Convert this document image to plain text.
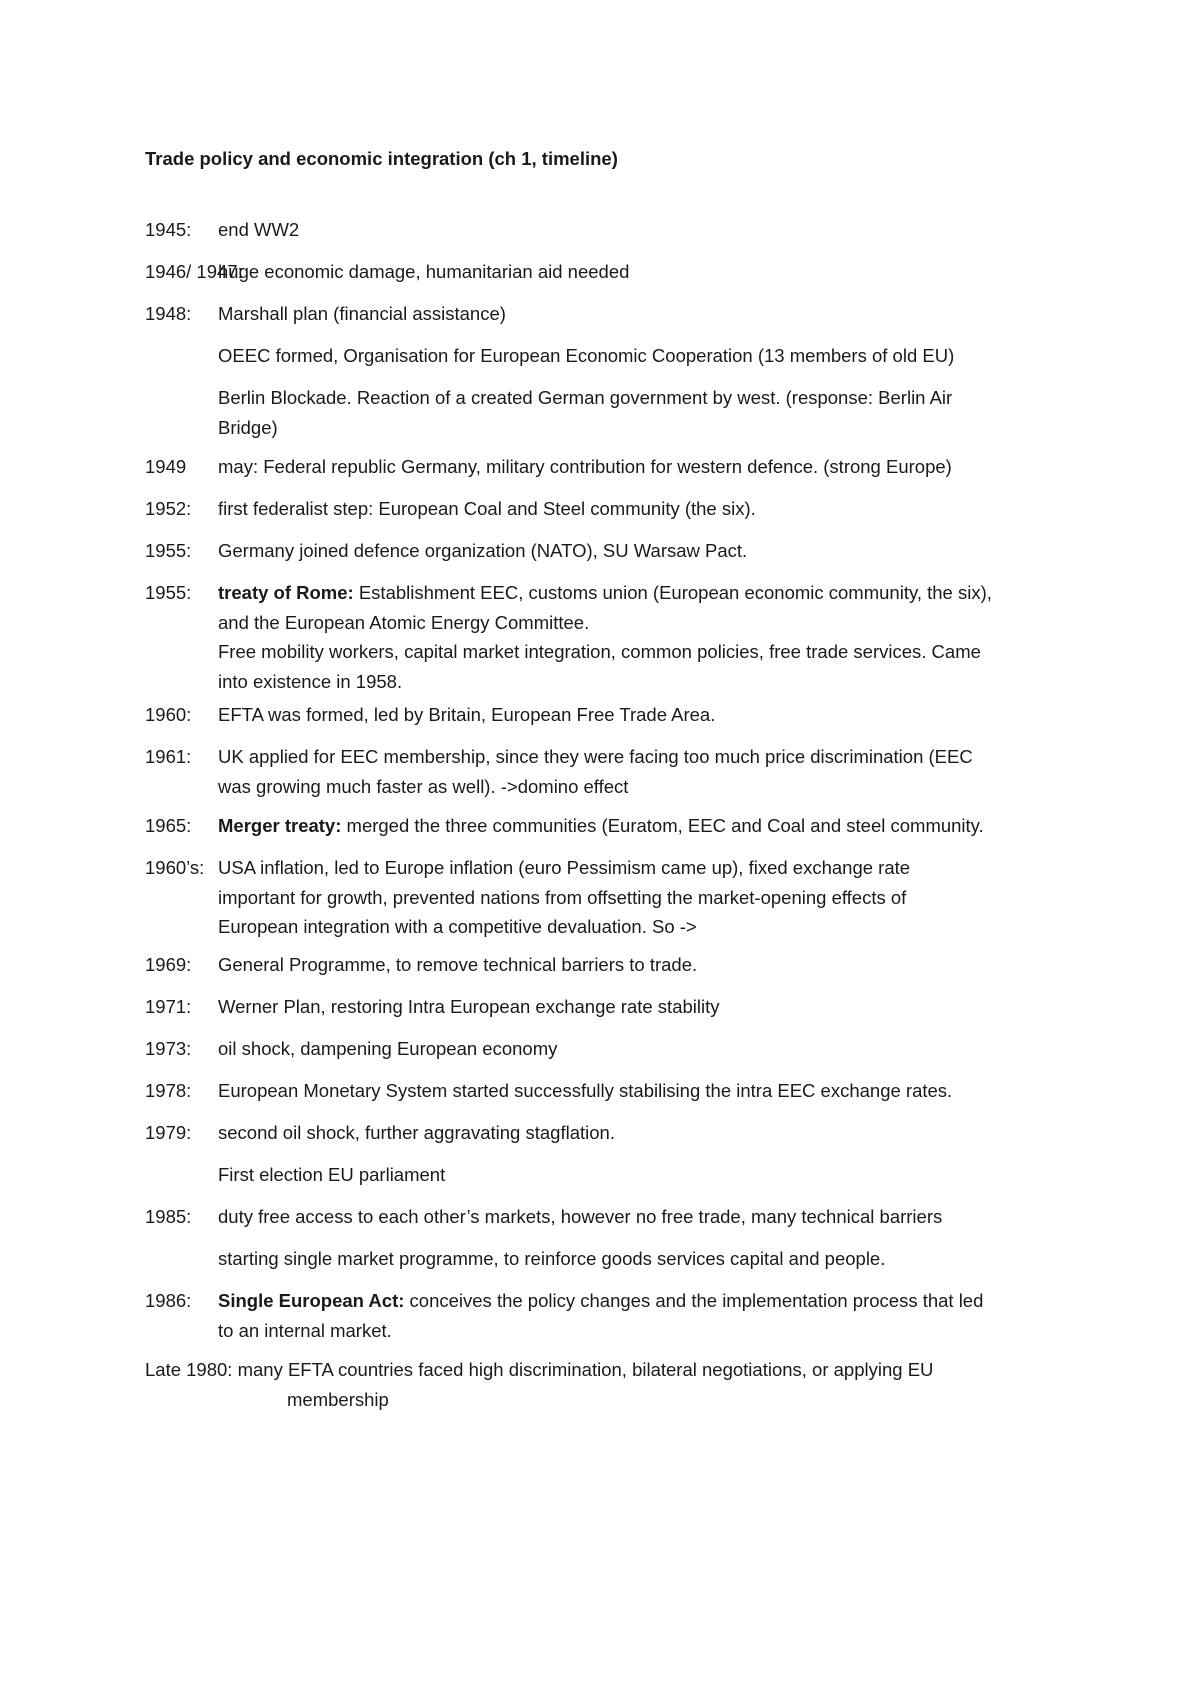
Trade policy and economic integration (ch 1, timeline)
1945: end WW2
1946/ 1947:
huge economic damage, humanitarian aid needed
1948: Marshall plan (financial assistance)
OEEC formed, Organisation for European Economic Cooperation (13 members of old EU)
Berlin Blockade. Reaction of a created German government by west. (response: Berlin Air
Bridge)
1949 may: Federal republic Germany, military contribution for western defence. (strong Europe)
1952: first federalist step: European Coal and Steel community (the six).
1955: Germany joined defence organization (NATO), SU Warsaw Pact.
1955: treaty of Rome: Establishment EEC, customs union (European economic community, the six),
and the European Atomic Energy Committee.
Free mobility workers, capital market integration, common policies, free trade services. Came
into existence in 1958.
1960: EFTA was formed, led by Britain, European Free Trade Area.
1961: UK applied for EEC membership, since they were facing too much price discrimination (EEC
was growing much faster as well). ->domino effect
1965: Merger treaty: merged the three communities (Euratom, EEC and Coal and steel community.
1960’s: USA inflation, led to Europe inflation (euro Pessimism came up), fixed exchange rate
important for growth, prevented nations from offsetting the market-opening effects of
European integration with a competitive devaluation. So ->
1969: General Programme, to remove technical barriers to trade.
1971: Werner Plan, restoring Intra European exchange rate stability
1973: oil shock, dampening European economy
1978: European Monetary System started successfully stabilising the intra EEC exchange rates.
1979: second oil shock, further aggravating stagflation.
First election EU parliament
1985: duty free access to each other’s markets, however no free trade, many technical barriers
starting single market programme, to reinforce goods services capital and people.
1986: Single European Act: conceives the policy changes and the implementation process that led
to an internal market.
Late 1980: many EFTA countries faced high discrimination, bilateral negotiations, or applying EU
membership
